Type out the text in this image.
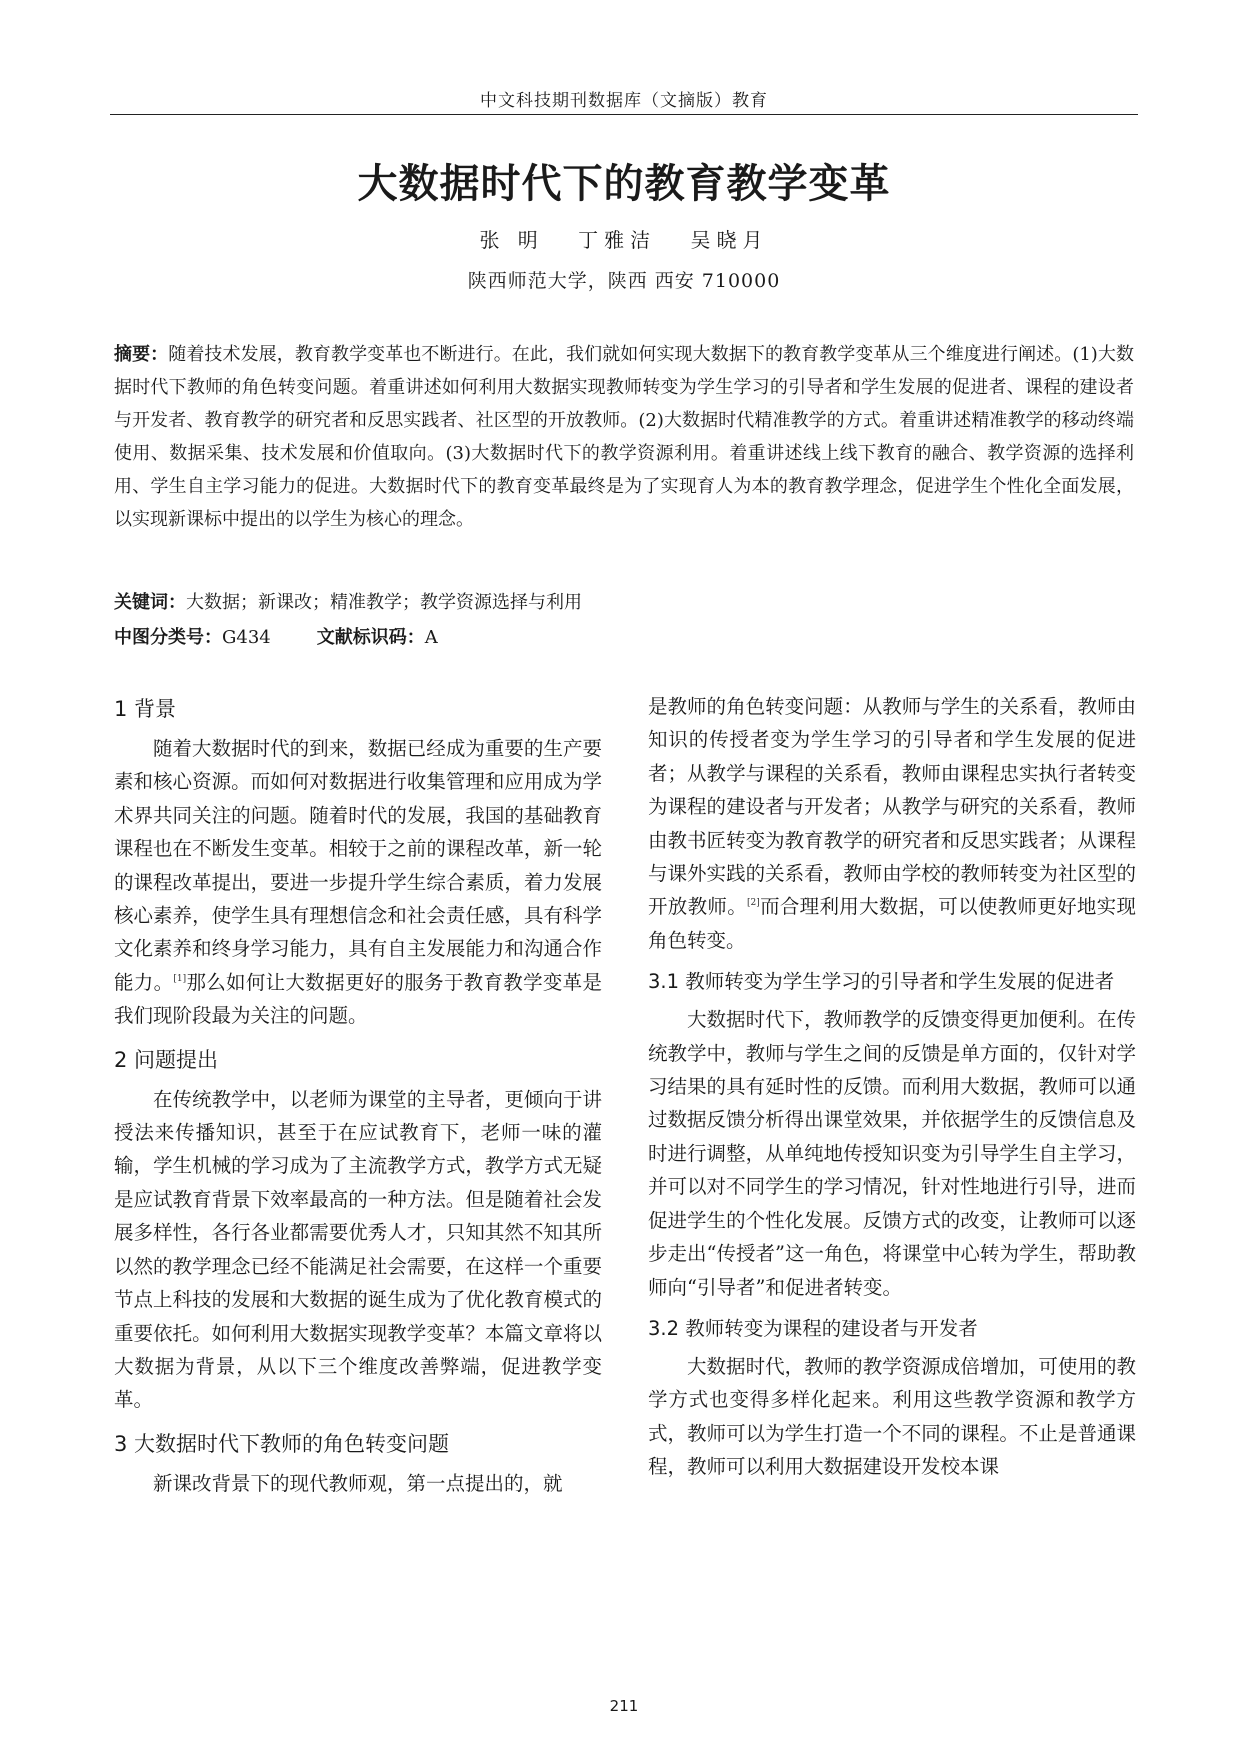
中文科技期刊数据库（文摘版）教育
大数据时代下的教育教学变革
张 明 丁雅洁 吴晓月
陕西师范大学，陕西 西安 710000

摘要：随着技术发展，教育教学变革也不断进行。在此，我们就如何实现大数据下的教育教学变革从三个维度进行阐述。(1)大数据时代下教师的角色转变问题。着重讲述如何利用大数据实现教师转变为学生学习的引导者和学生发展的促进者、课程的建设者与开发者、教育教学的研究者和反思实践者、社区型的开放教师。(2)大数据时代精准教学的方式。着重讲述精准教学的移动终端使用、数据采集、技术发展和价值取向。(3)大数据时代下的教学资源利用。着重讲述线上线下教育的融合、教学资源的选择利用、学生自主学习能力的促进。大数据时代下的教育变革最终是为了实现育人为本的教育教学理念，促进学生个性化全面发展，以实现新课标中提出的以学生为核心的理念。

关键词：大数据；新课改；精准教学；教学资源选择与利用
中图分类号：G434	文献标识码：A
1 背景

随着大数据时代的到来，数据已经成为重要的生产要素和核心资源。而如何对数据进行收集管理和应用成为学术界共同关注的问题。随着时代的发展，我国的基础教育课程也在不断发生变革。相较于之前的课程改革，新一轮的课程改革提出，要进一步提升学生综合素质，着力发展核心素养，使学生具有理想信念和社会责任感，具有科学文化素养和终身学习能力，具有自主发展能力和沟通合作能力。[1]那么如何让大数据更好的服务于教育教学变革是我们现阶段最为关注的问题。

2 问题提出

在传统教学中，以老师为课堂的主导者，更倾向于讲授法来传播知识，甚至于在应试教育下，老师一味的灌输，学生机械的学习成为了主流教学方式，教学方式无疑是应试教育背景下效率最高的一种方法。但是随着社会发展多样性，各行各业都需要优秀人才，只知其然不知其所以然的教学理念已经不能满足社会需要，在这样一个重要节点上科技的发展和大数据的诞生成为了优化教育模式的重要依托。如何利用大数据实现教学变革？本篇文章将以大数据为背景，从以下三个维度改善弊端，促进教学变革。

3 大数据时代下教师的角色转变问题

新课改背景下的现代教师观，第一点提出的，就

是教师的角色转变问题：从教师与学生的关系看，教师由知识的传授者变为学生学习的引导者和学生发展的促进者；从教学与课程的关系看，教师由课程忠实执行者转变为课程的建设者与开发者；从教学与研究的关系看，教师由教书匠转变为教育教学的研究者和反思实践者；从课程与课外实践的关系看，教师由学校的教师转变为社区型的开放教师。[2]而合理利用大数据，可以使教师更好地实现角色转变。

3.1 教师转变为学生学习的引导者和学生发展的促进者

大数据时代下，教师教学的反馈变得更加便利。在传统教学中，教师与学生之间的反馈是单方面的，仅针对学习结果的具有延时性的反馈。而利用大数据，教师可以通过数据反馈分析得出课堂效果，并依据学生的反馈信息及时进行调整，从单纯地传授知识变为引导学生自主学习，并可以对不同学生的学习情况，针对性地进行引导，进而促进学生的个性化发展。反馈方式的改变，让教师可以逐步走出“传授者”这一角色，将课堂中心转为学生，帮助教师向“引导者”和促进者转变。

3.2 教师转变为课程的建设者与开发者

大数据时代，教师的教学资源成倍增加，可使用的教学方式也变得多样化起来。利用这些教学资源和教学方式，教师可以为学生打造一个不同的课程。不止是普通课程，教师可以利用大数据建设开发校本课

211
